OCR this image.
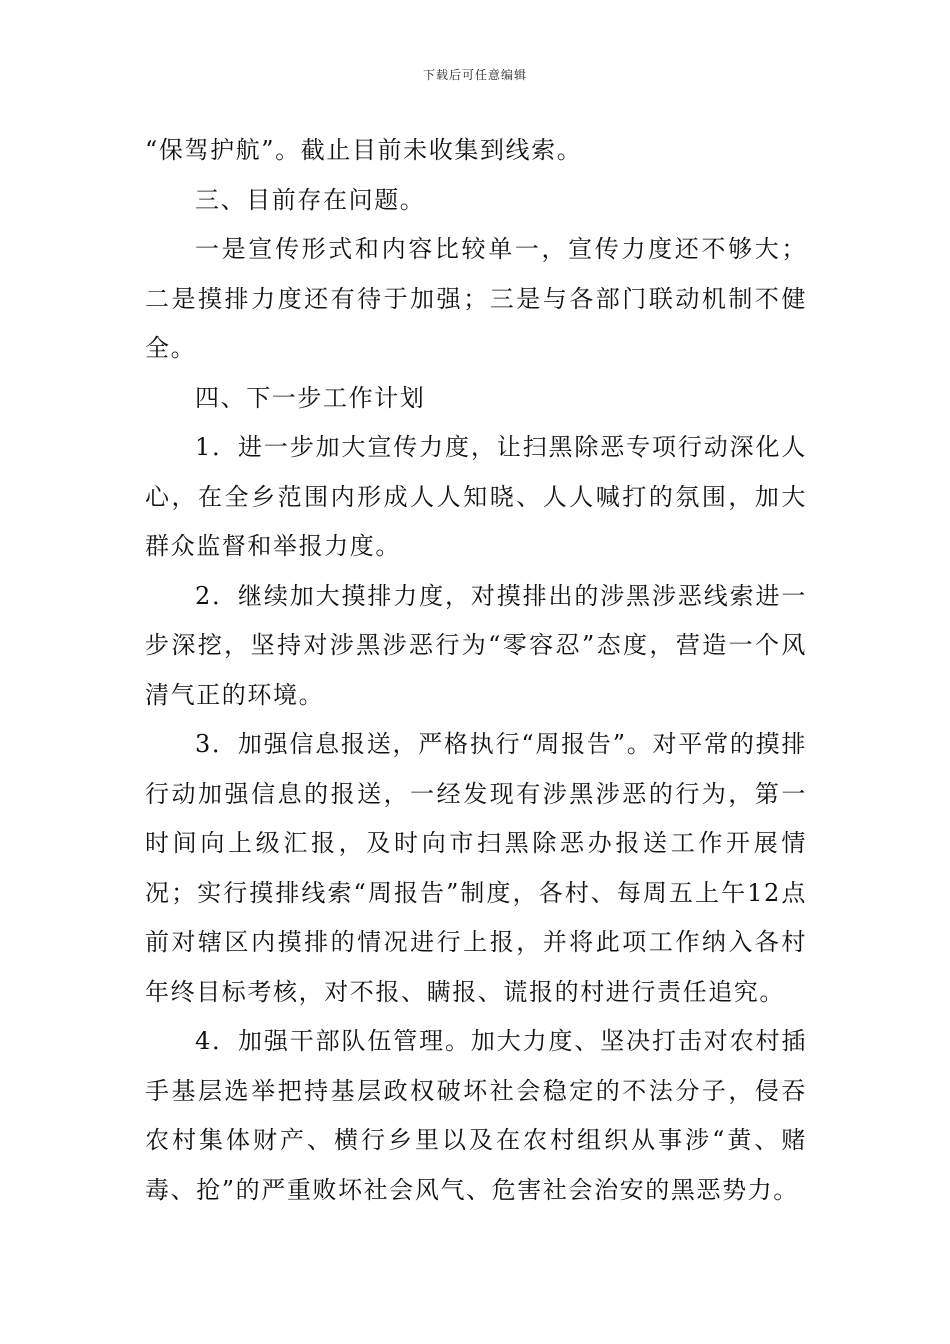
下载后可任意编辑

“保驾护航”。截止目前未收集到线索。

三、目前存在问题。

一是宣传形式和内容比较单一，宣传力度还不够大；二是摸排力度还有待于加强；三是与各部门联动机制不健全。

四、下一步工作计划

1．进一步加大宣传力度，让扫黑除恶专项行动深化人心，在全乡范围内形成人人知晓、人人喊打的氛围，加大群众监督和举报力度。

2．继续加大摸排力度，对摸排出的涉黑涉恶线索进一步深挖，坚持对涉黑涉恶行为“零容忍”态度，营造一个风清气正的环境。

3．加强信息报送，严格执行“周报告”。对平常的摸排行动加强信息的报送，一经发现有涉黑涉恶的行为，第一时间向上级汇报，及时向市扫黑除恶办报送工作开展情况；实行摸排线索“周报告”制度，各村、每周五上午12点前对辖区内摸排的情况进行上报，并将此项工作纳入各村年终目标考核，对不报、瞒报、谎报的村进行责任追究。

4．加强干部队伍管理。加大力度、坚决打击对农村插手基层选举把持基层政权破坏社会稳定的不法分子，侵吞农村集体财产、横行乡里以及在农村组织从事涉“黄、赌毒、抢”的严重败坏社会风气、危害社会治安的黑恶势力。
